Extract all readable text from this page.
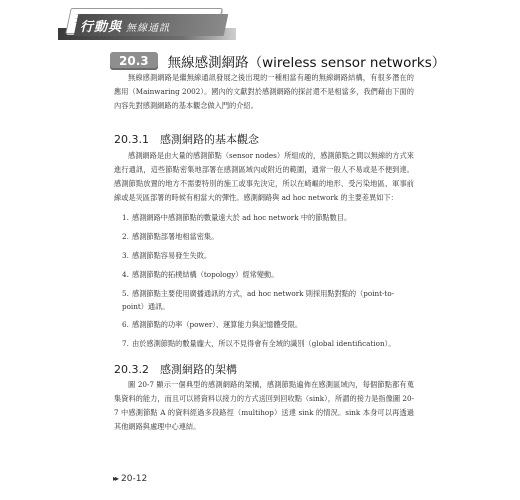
行動與 無線通訊
20.3	無線感測網路（wireless sensor networks）

無線感測網路是繼無線通訊發展之後出現的一種相當有趣的無線網路結構，有很多潛在的應用（Mainwaring 2002）。國內的文獻對於感測網路的探討還不是相當多，我們藉由下面的內容先對感測網路的基本觀念做入門的介紹。

20.3.1 感測網路的基本觀念

感測網路是由大量的感測節點（sensor nodes）所組成的，感測節點之間以無線的方式來進行通訊，這些節點密集地部署在感測區域內或附近的範圍，通常一般人不易或是不便到達。感測節點放置的地方不需要特別的施工或事先決定，所以在崎嶇的地形、受污染地區、軍事前線或是災區部署的時候有相當大的彈性。感測網路與 ad hoc network 的主要差異如下：

1. 感測網路中感測節點的數量遠大於 ad hoc network 中的節點數目。
2. 感測節點部署地相當密集。
3. 感測節點容易發生失敗。
4. 感測節點的拓樸結構（topology）經常變動。
5. 感測節點主要使用廣播通訊的方式，ad hoc network 則採用點對點的（point-to-point）通訊。
6. 感測節點的功率（power）、運算能力與記憶體受限。
7. 由於感測節點的數量龐大，所以不見得會有全域的識別（global identification）。
20.3.2 感測網路的架構

圖 20-7 顯示一個典型的感測網路的架構，感測節點遍佈在感測區域內，每個節點都有蒐集資料的能力，而且可以將資料以接力的方式送回到回收點（sink），所謂的接力是指像圖 20-7 中感測節點 A 的資料經過多段路徑（multihop）送達 sink 的情況。sink 本身可以再透過其他網路與處理中心連結。

▸▸ 20-12
